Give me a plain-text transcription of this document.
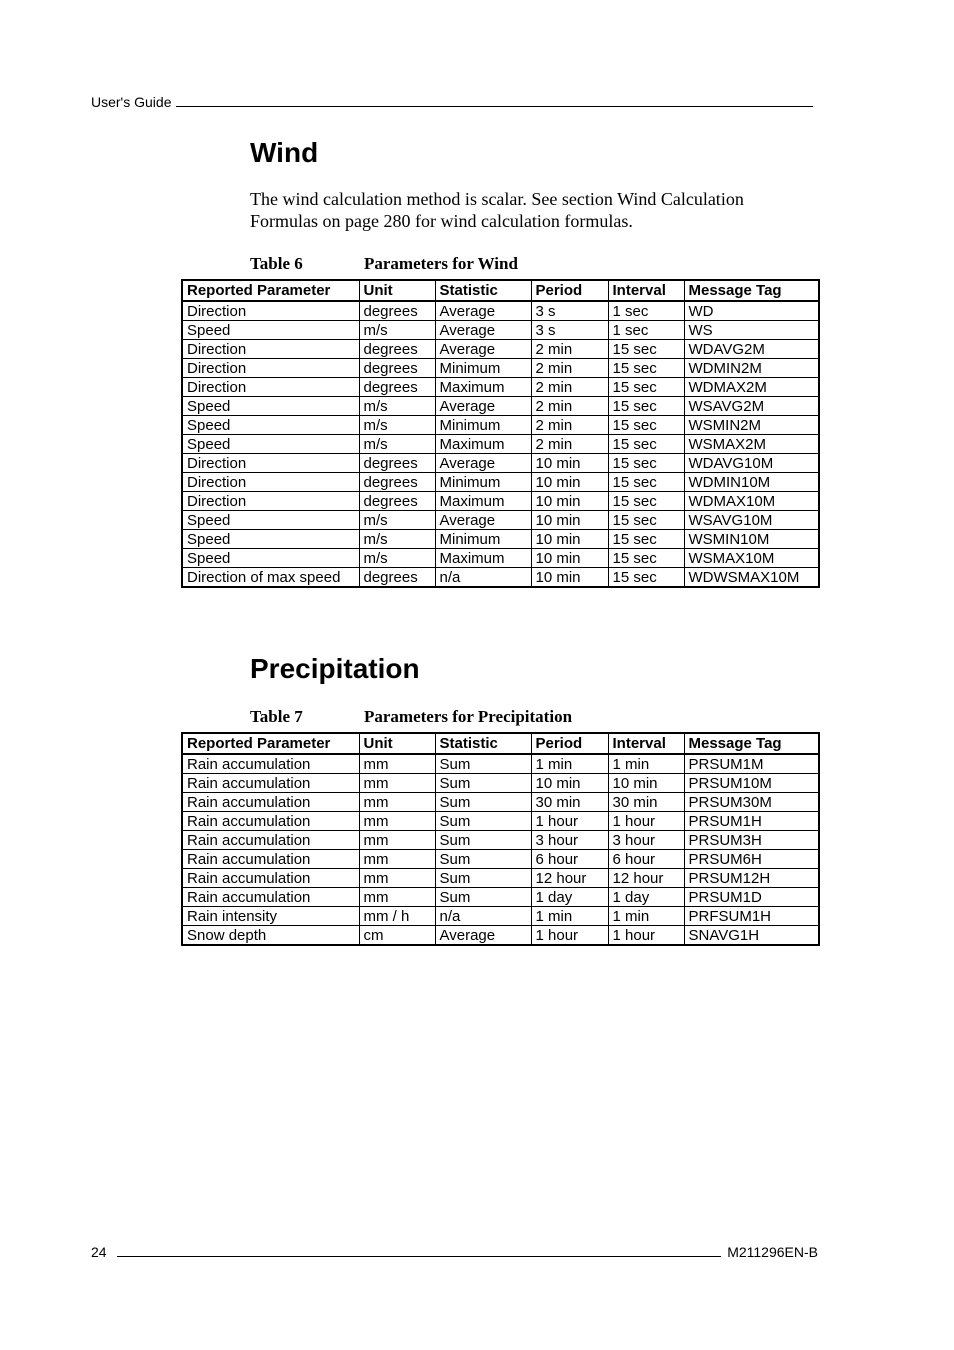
User's Guide
Wind

The wind calculation method is scalar. See section Wind Calculation Formulas on page 280 for wind calculation formulas.

Table 6	Parameters for Wind
Reported Parameter	Unit	Statistic	Period	Interval	Message Tag
Direction	degrees	Average	3 s	1 sec	WD
Speed	m/s	Average	3 s	1 sec	WS
Direction	degrees	Average	2 min	15 sec	WDAVG2M
Direction	degrees	Minimum	2 min	15 sec	WDMIN2M
Direction	degrees	Maximum	2 min	15 sec	WDMAX2M
Speed	m/s	Average	2 min	15 sec	WSAVG2M
Speed	m/s	Minimum	2 min	15 sec	WSMIN2M
Speed	m/s	Maximum	2 min	15 sec	WSMAX2M
Direction	degrees	Average	10 min	15 sec	WDAVG10M
Direction	degrees	Minimum	10 min	15 sec	WDMIN10M
Direction	degrees	Maximum	10 min	15 sec	WDMAX10M
Speed	m/s	Average	10 min	15 sec	WSAVG10M
Speed	m/s	Minimum	10 min	15 sec	WSMIN10M
Speed	m/s	Maximum	10 min	15 sec	WSMAX10M
Direction of max speed	degrees	n/a	10 min	15 sec	WDWSMAX10M
Precipitation
Table 7	Parameters for Precipitation
Reported Parameter	Unit	Statistic	Period	Interval	Message Tag
Rain accumulation	mm	Sum	1 min	1 min	PRSUM1M
Rain accumulation	mm	Sum	10 min	10 min	PRSUM10M
Rain accumulation	mm	Sum	30 min	30 min	PRSUM30M
Rain accumulation	mm	Sum	1 hour	1 hour	PRSUM1H
Rain accumulation	mm	Sum	3 hour	3 hour	PRSUM3H
Rain accumulation	mm	Sum	6 hour	6 hour	PRSUM6H
Rain accumulation	mm	Sum	12 hour	12 hour	PRSUM12H
Rain accumulation	mm	Sum	1 day	1 day	PRSUM1D
Rain intensity	mm / h	n/a	1 min	1 min	PRFSUM1H
Snow depth	cm	Average	1 hour	1 hour	SNAVG1H
24	M211296EN-B
